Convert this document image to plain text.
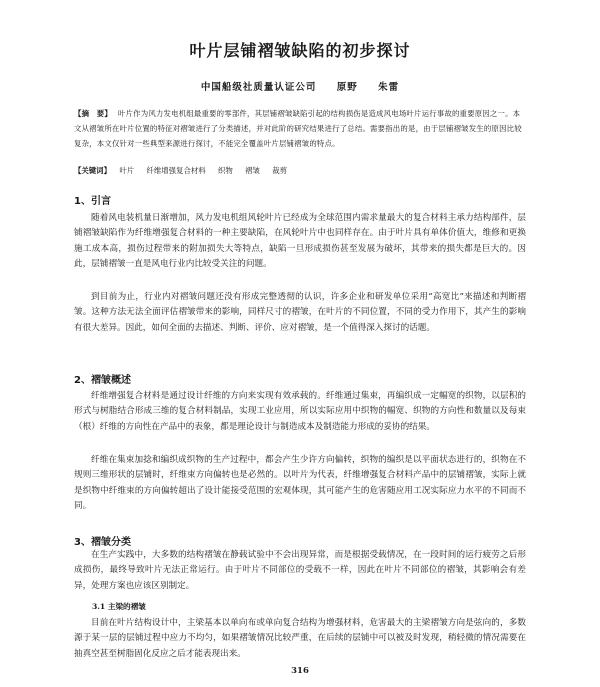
叶片层铺褶皱缺陷的初步探讨
中国船级社质量认证公司 原野 朱雷
【摘　要】 叶片作为风力发电机组最重要的零部件，其层铺褶皱缺陷引起的结构损伤是造成风电场叶片运行事故的重要原因之一。本文从褶皱所在叶片位置的特征对褶皱进行了分类描述，并对此阶的研究结果进行了总结。需要指出的是，由于层铺褶皱发生的原因比较复杂，本文仅针对一些典型来源进行探讨，不能完全覆盖叶片层铺褶皱的特点。
【关键词】 叶片 纤维增强复合材料 织物 褶皱 裁剪
1、引言
随着风电装机量日渐增加，风力发电机组风轮叶片已经成为全球范围内需求量最大的复合材料主承力结构部件，层铺褶皱缺陷作为纤维增强复合材料的一种主要缺陷，在风轮叶片中也同样存在。由于叶片具有单体价值大，维修和更换施工成本高，损伤过程带来的附加损失大等特点，缺陷一旦形成损伤甚至发展为破坏，其带来的损失都是巨大的。因此，层铺褶皱一直是风电行业内比较受关注的问题。
到目前为止，行业内对褶皱问题还没有形成完整透彻的认识，许多企业和研发单位采用“高宽比”来描述和判断褶皱。这种方法无法全面评估褶皱带来的影响，同样尺寸的褶皱，在叶片的不同位置，不同的受力作用下，其产生的影响有很大差异。因此，如何全面的去描述、判断、评价、应对褶皱，是一个值得深入探讨的话题。
2、褶皱概述
纤维增强复合材料是通过设计纤维的方向来实现有效承载的。纤维通过集束，再编织成一定幅宽的织物，以层积的形式与树脂结合形成三维的复合材料制品，实现工业应用，所以实际应用中织物的幅宽、织物的方向性和数量以及每束（根）纤维的方向性在产品中的表象，都是理论设计与制造成本及制造能力形成的妥协的结果。
纤维在集束加捻和编织成织物的生产过程中，都会产生少许方向偏转，织物的编织是以平面状态进行的，织物在不规则三维形状的层铺时，纤维束方向偏转也是必然的。以叶片为代表，纤维增强复合材料产品中的层铺褶皱，实际上就是织物中纤维束的方向偏转超出了设计能接受范围的宏观体现，其可能产生的危害随应用工况实际应力水平的不同而不同。
3、褶皱分类
在生产实践中，大多数的结构褶皱在静载试验中不会出现异常，而是根据受载情况，在一段时间的运行疲劳之后形成损伤，最终导致叶片无法正常运行。由于叶片不同部位的受载不一样，因此在叶片不同部位的褶皱，其影响会有差异，处理方案也应该区别制定。
3.1 主梁的褶皱
目前在叶片结构设计中，主梁基本以单向布或单向复合结构为增强材料，危害最大的主梁褶皱方向是弦向的，多数源于某一层的层铺过程中应力不均匀，如果褶皱情况比较严重，在后续的层铺中可以被及时发现，稍轻微的情况需要在抽真空甚至树脂固化反应之后才能表现出来。
316
